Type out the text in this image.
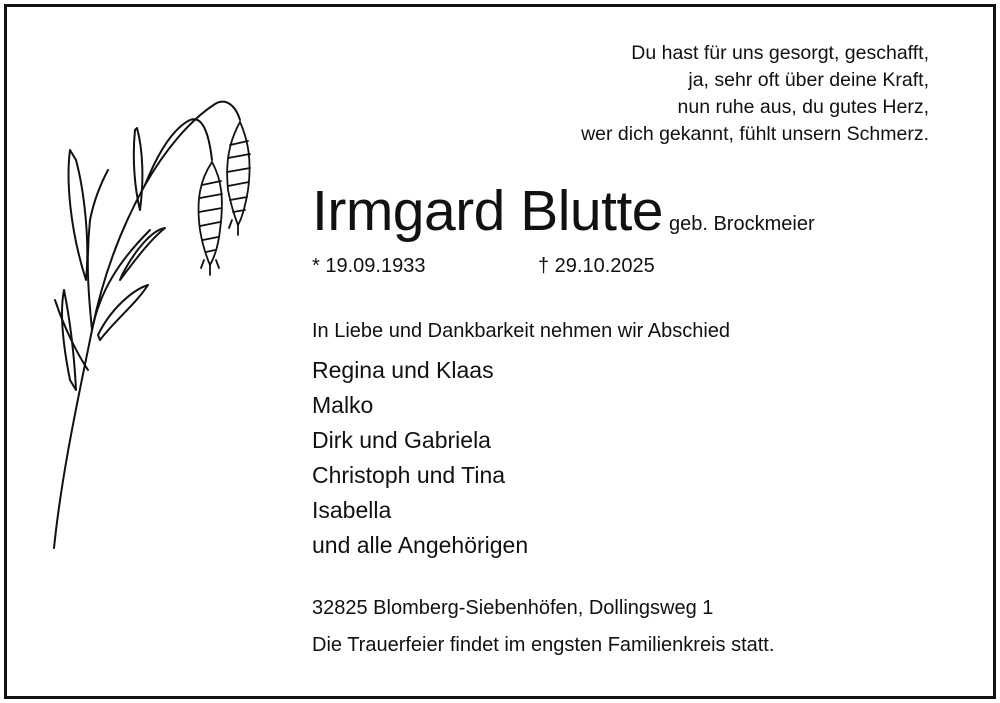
Du hast für uns gesorgt, geschafft,
ja, sehr oft über deine Kraft,
nun ruhe aus, du gutes Herz,
wer dich gekannt, fühlt unsern Schmerz.
Irmgard Blutte geb. Brockmeier
* 19.09.1933	† 29.10.2025
In Liebe und Dankbarkeit nehmen wir Abschied
Regina und Klaas
Malko
Dirk und Gabriela
Christoph und Tina
Isabella
und alle Angehörigen
32825 Blomberg-Siebenhöfen, Dollingsweg 1
Die Trauerfeier findet im engsten Familienkreis statt.
